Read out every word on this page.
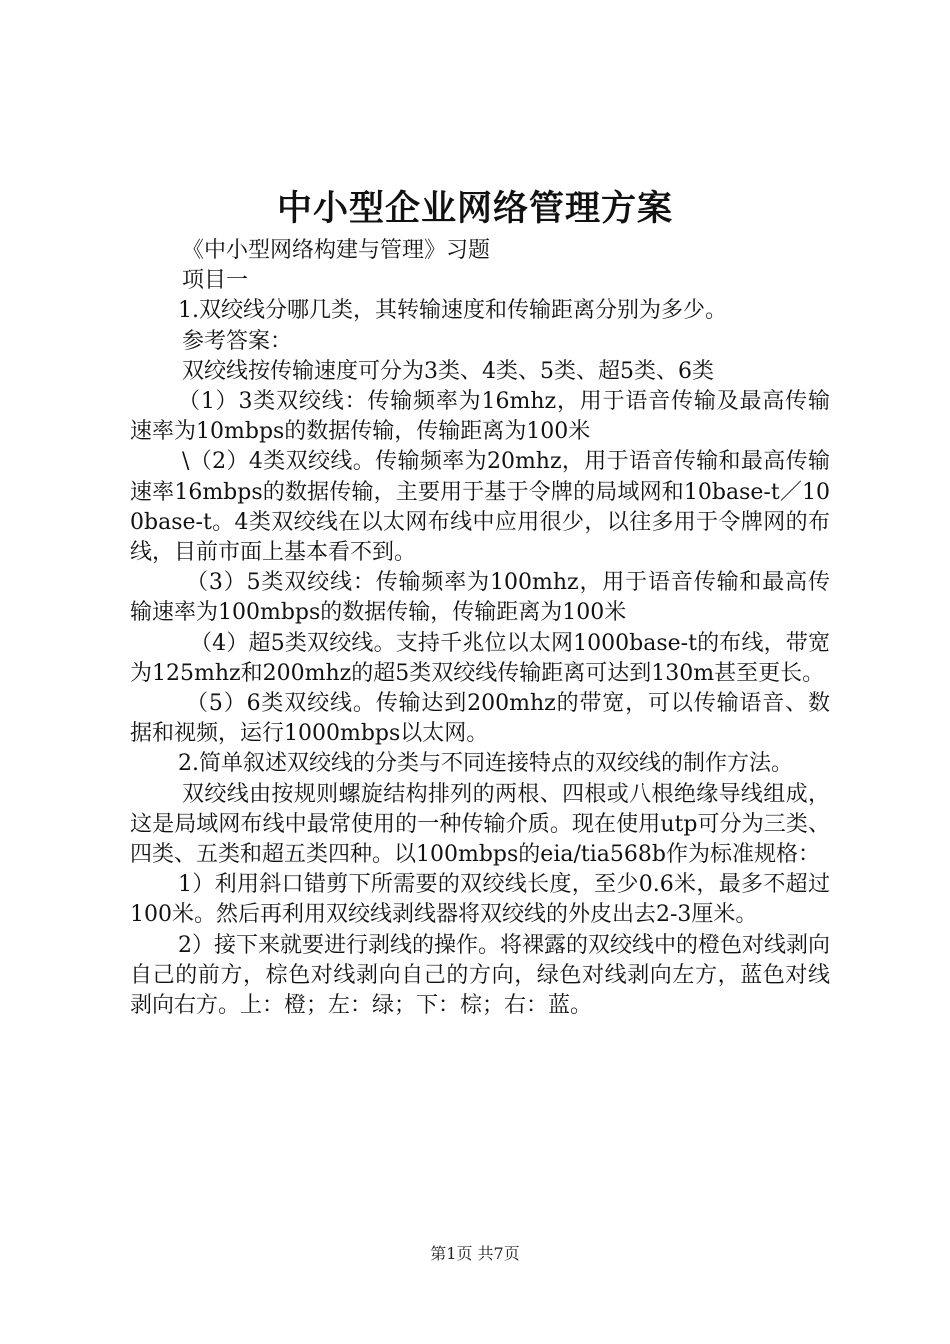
中小型企业网络管理方案

《中小型网络构建与管理》习题

项目一

1.双绞线分哪几类，其转输速度和传输距离分别为多少。

参考答案：

双绞线按传输速度可分为3类、4类、5类、超5类、6类

（1）3类双绞线：传输频率为16mhz，用于语音传输及最高传输速率为10mbps的数据传输，传输距离为100米

\（2）4类双绞线。传输频率为20mhz，用于语音传输和最高传输速率16mbps的数据传输，主要用于基于令牌的局域网和10base-t／100base-t。4类双绞线在以太网布线中应用很少，以往多用于令牌网的布线，目前市面上基本看不到。

（3）5类双绞线：传输频率为100mhz，用于语音传输和最高传输速率为100mbps的数据传输，传输距离为100米

（4）超5类双绞线。支持千兆位以太网1000base-t的布线，带宽为125mhz和200mhz的超5类双绞线传输距离可达到130m甚至更长。

（5）6类双绞线。传输达到200mhz的带宽，可以传输语音、数据和视频，运行1000mbps以太网。

2.简单叙述双绞线的分类与不同连接特点的双绞线的制作方法。

双绞线由按规则螺旋结构排列的两根、四根或八根绝缘导线组成，这是局域网布线中最常使用的一种传输介质。现在使用utp可分为三类、四类、五类和超五类四种。以100mbps的eia/tia568b作为标准规格：

1）利用斜口错剪下所需要的双绞线长度，至少0.6米，最多不超过100米。然后再利用双绞线剥线器将双绞线的外皮出去2-3厘米。

2）接下来就要进行剥线的操作。将裸露的双绞线中的橙色对线剥向自己的前方，棕色对线剥向自己的方向，绿色对线剥向左方，蓝色对线剥向右方。上：橙；左：绿；下：棕；右：蓝。

第1页 共7页
